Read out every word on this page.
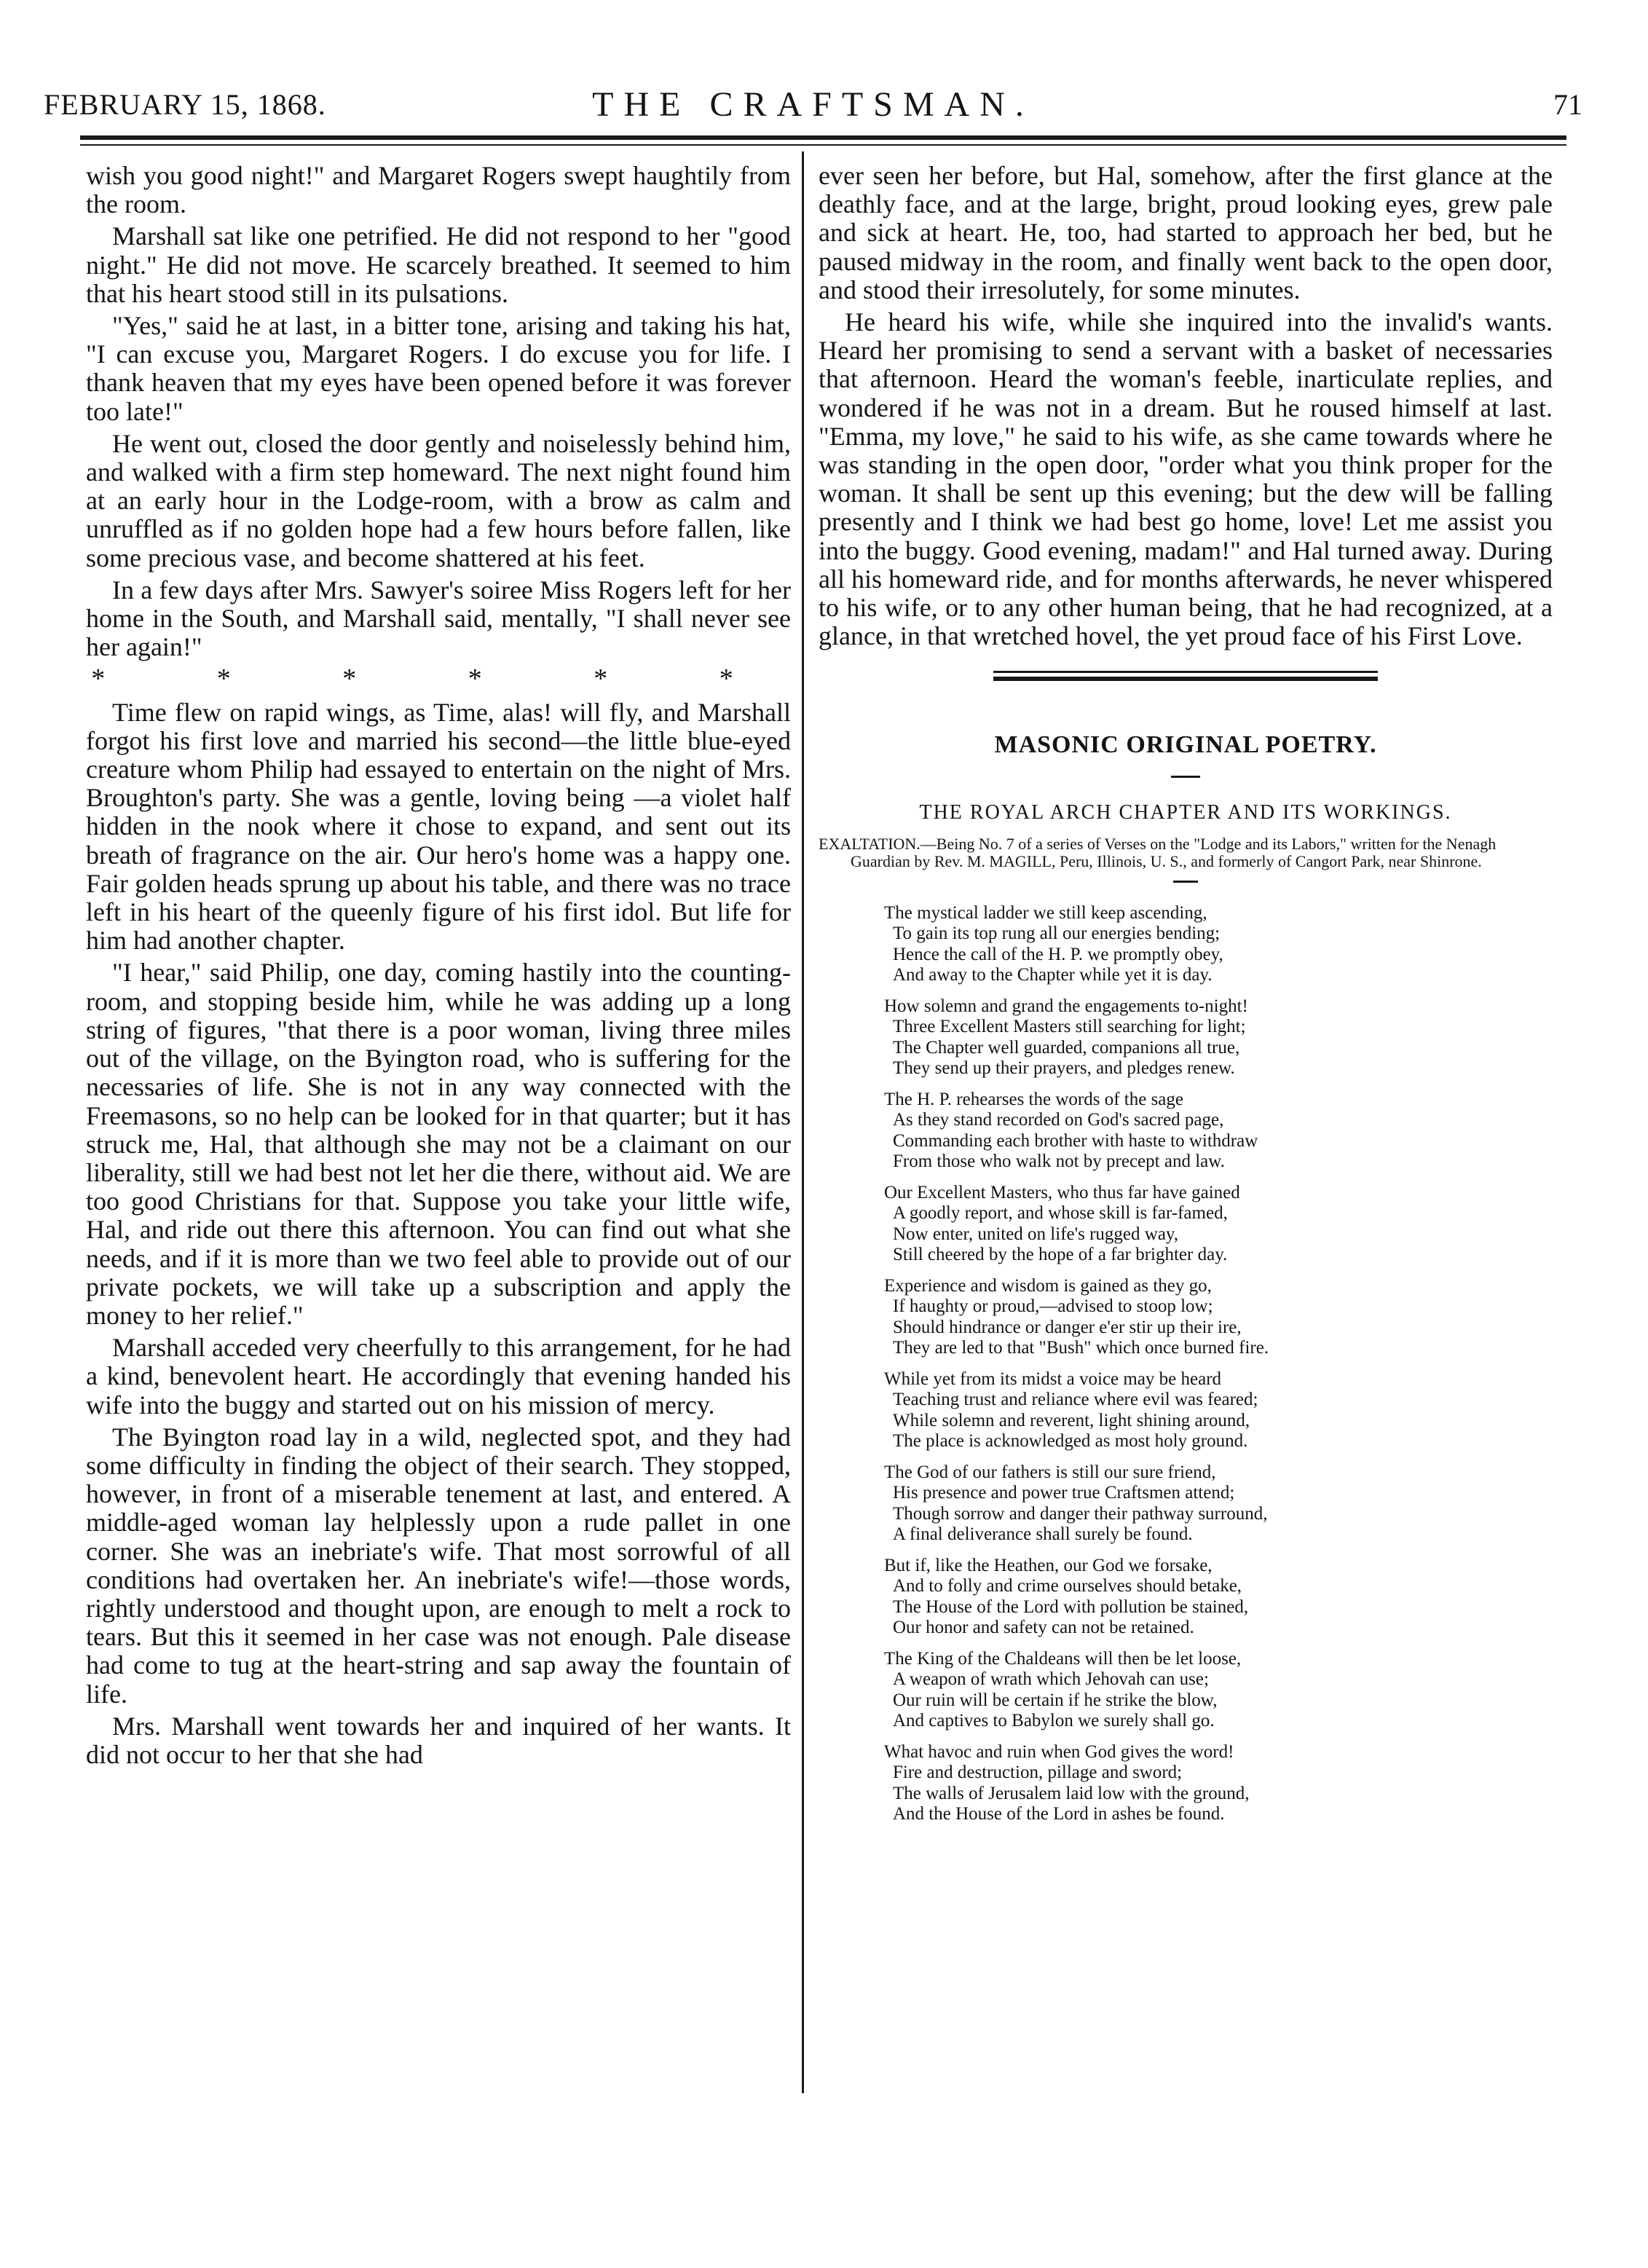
FEBRUARY 15, 1868.	THE CRAFTSMAN.	71

wish you good night!" and Margaret Rogers swept haughtily from the room.

Marshall sat like one petrified. He did not respond to her "good night." He did not move. He scarcely breathed. It seemed to him that his heart stood still in its pulsations.

"Yes," said he at last, in a bitter tone, arising and taking his hat, "I can excuse you, Margaret Rogers. I do excuse you for life. I thank heaven that my eyes have been opened before it was forever too late!"

He went out, closed the door gently and noiselessly behind him, and walked with a firm step homeward. The next night found him at an early hour in the Lodge-room, with a brow as calm and unruffled as if no golden hope had a few hours before fallen, like some precious vase, and become shattered at his feet.

In a few days after Mrs. Sawyer's soiree Miss Rogers left for her home in the South, and Marshall said, mentally, "I shall never see her again!"

* * * * * *

Time flew on rapid wings, as Time, alas! will fly, and Marshall forgot his first love and married his second—the little blue-eyed creature whom Philip had essayed to entertain on the night of Mrs. Broughton's party. She was a gentle, loving being —a violet half hidden in the nook where it chose to expand, and sent out its breath of fragrance on the air. Our hero's home was a happy one. Fair golden heads sprung up about his table, and there was no trace left in his heart of the queenly figure of his first idol. But life for him had another chapter.

"I hear," said Philip, one day, coming hastily into the counting-room, and stopping beside him, while he was adding up a long string of figures, "that there is a poor woman, living three miles out of the village, on the Byington road, who is suffering for the necessaries of life. She is not in any way connected with the Freemasons, so no help can be looked for in that quarter; but it has struck me, Hal, that although she may not be a claimant on our liberality, still we had best not let her die there, without aid. We are too good Christians for that. Suppose you take your little wife, Hal, and ride out there this afternoon. You can find out what she needs, and if it is more than we two feel able to provide out of our private pockets, we will take up a subscription and apply the money to her relief."

Marshall acceded very cheerfully to this arrangement, for he had a kind, benevolent heart. He accordingly that evening handed his wife into the buggy and started out on his mission of mercy.

The Byington road lay in a wild, neglected spot, and they had some difficulty in finding the object of their search. They stopped, however, in front of a miserable tenement at last, and entered. A middle-aged woman lay helplessly upon a rude pallet in one corner. She was an inebriate's wife. That most sorrowful of all conditions had overtaken her. An inebriate's wife!—those words, rightly understood and thought upon, are enough to melt a rock to tears. But this it seemed in her case was not enough. Pale disease had come to tug at the heart-string and sap away the fountain of life.

Mrs. Marshall went towards her and inquired of her wants. It did not occur to her that she had

ever seen her before, but Hal, somehow, after the first glance at the deathly face, and at the large, bright, proud looking eyes, grew pale and sick at heart. He, too, had started to approach her bed, but he paused midway in the room, and finally went back to the open door, and stood their irresolutely, for some minutes.

He heard his wife, while she inquired into the invalid's wants. Heard her promising to send a servant with a basket of necessaries that afternoon. Heard the woman's feeble, inarticulate replies, and wondered if he was not in a dream. But he roused himself at last. "Emma, my love," he said to his wife, as she came towards where he was standing in the open door, "order what you think proper for the woman. It shall be sent up this evening; but the dew will be falling presently and I think we had best go home, love! Let me assist you into the buggy. Good evening, madam!" and Hal turned away. During all his homeward ride, and for months afterwards, he never whispered to his wife, or to any other human being, that he had recognized, at a glance, in that wretched hovel, the yet proud face of his First Love.

MASONIC ORIGINAL POETRY.
THE ROYAL ARCH CHAPTER AND ITS WORKINGS.

EXALTATION.—Being No. 7 of a series of Verses on the "Lodge and its Labors," written for the Nenagh Guardian by Rev. M. MAGILL, Peru, Illinois, U. S., and formerly of Cangort Park, near Shinrone.

The mystical ladder we still keep ascending,
To gain its top rung all our energies bending;
Hence the call of the H. P. we promptly obey,
And away to the Chapter while yet it is day.
How solemn and grand the engagements to-night!
Three Excellent Masters still searching for light;
The Chapter well guarded, companions all true,
They send up their prayers, and pledges renew.
The H. P. rehearses the words of the sage
As they stand recorded on God's sacred page,
Commanding each brother with haste to withdraw
From those who walk not by precept and law.
Our Excellent Masters, who thus far have gained
A goodly report, and whose skill is far-famed,
Now enter, united on life's rugged way,
Still cheered by the hope of a far brighter day.
Experience and wisdom is gained as they go,
If haughty or proud,—advised to stoop low;
Should hindrance or danger e'er stir up their ire,
They are led to that "Bush" which once burned fire.
While yet from its midst a voice may be heard
Teaching trust and reliance where evil was feared;
While solemn and reverent, light shining around,
The place is acknowledged as most holy ground.
The God of our fathers is still our sure friend,
His presence and power true Craftsmen attend;
Though sorrow and danger their pathway surround,
A final deliverance shall surely be found.
But if, like the Heathen, our God we forsake,
And to folly and crime ourselves should betake,
The House of the Lord with pollution be stained,
Our honor and safety can not be retained.
The King of the Chaldeans will then be let loose,
A weapon of wrath which Jehovah can use;
Our ruin will be certain if he strike the blow,
And captives to Babylon we surely shall go.
What havoc and ruin when God gives the word!
Fire and destruction, pillage and sword;
The walls of Jerusalem laid low with the ground,
And the House of the Lord in ashes be found.
